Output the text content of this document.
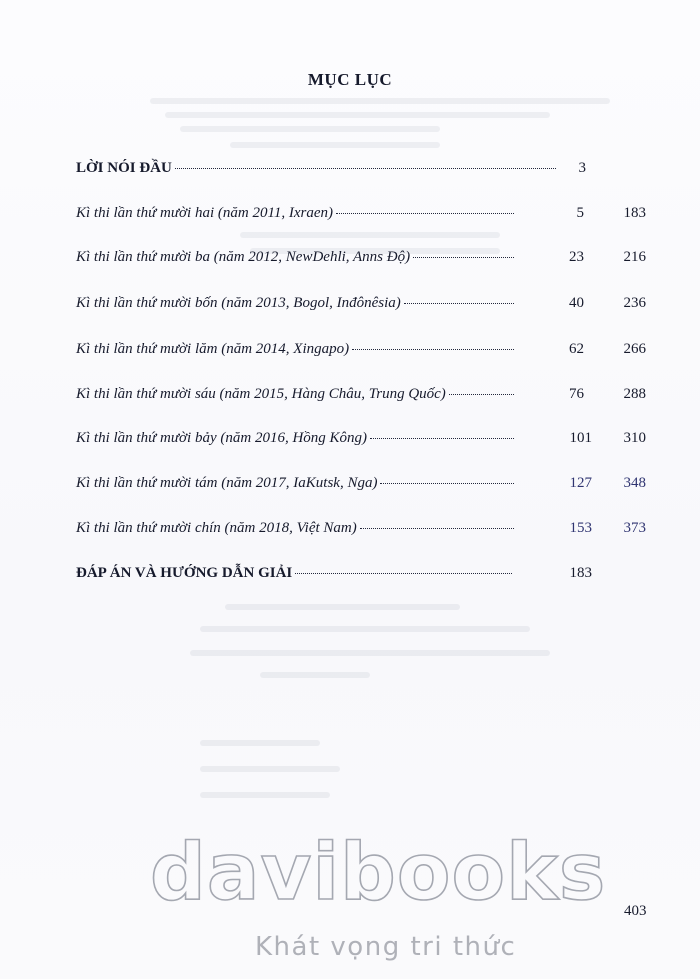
MỤC LỤC
LỜI NÓI ĐẦU	3
Kì thi lần thứ mười hai (năm 2011, Ixraen)	5	183
Kì thi lần thứ mười ba (năm 2012, NewDehli, Anns Độ)	23	216
Kì thi lần thứ mười bốn (năm 2013, Bogol, Inđônêsia)	40	236
Kì thi lần thứ mười lăm (năm 2014, Xingapo)	62	266
Kì thi lần thứ mười sáu (năm 2015, Hàng Châu, Trung Quốc)	76	288
Kì thi lần thứ mười bảy (năm 2016, Hồng Kông)	101	310
Kì thi lần thứ mười tám (năm 2017, IaKutsk, Nga)	127	348
Kì thi lần thứ mười chín (năm 2018, Việt Nam)	153	373
ĐÁP ÁN VÀ HƯỚNG DẪN GIẢI	183
403
davibooks
Khát vọng tri thức
